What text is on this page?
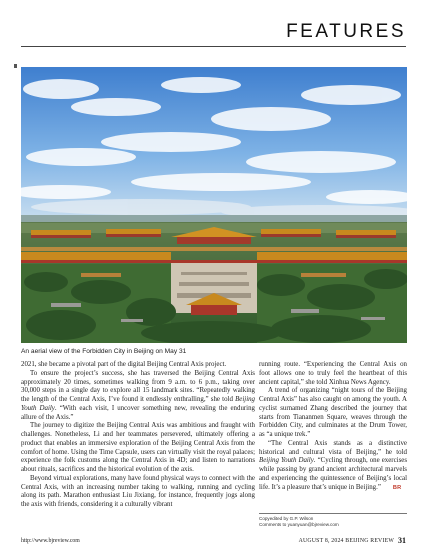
FEATURES
An aerial view of the Forbidden City in Beijing on May 31

2021, she became a pivotal part of the digital Beijing Central Axis project.

To ensure the project’s success, she has traversed the Beijing Central Axis approximately 20 times, sometimes walking from 9 a.m. to 6 p.m., taking over 30,000 steps in a single day to explore all 15 landmark sites. “Repeatedly walking the length of the Central Axis, I’ve found it endlessly enthralling,” she told Beijing Youth Daily. “With each visit, I uncover something new, revealing the enduring allure of the Axis.”

The journey to digitize the Beijing Central Axis was ambitious and fraught with challenges. Nonetheless, Li and her teammates persevered, ultimately offering a product that enables an immersive exploration of the Beijing Central Axis from the comfort of home. Using the Time Capsule, users can virtually visit the royal palaces; experience the folk customs along the Central Axis in 4D; and listen to narrations about rituals, sacrifices and the historical evolution of the axis.

Beyond virtual explorations, many have found physical ways to connect with the Central Axis, with an increasing number taking to walking, running and cycling along its path. Marathon enthusiast Liu Jixiang, for instance, frequently jogs along the axis with friends, considering it a culturally vibrant

running route. “Experiencing the Central Axis on foot allows one to truly feel the heartbeat of this ancient capital,” she told Xinhua News Agency.

A trend of organizing “night tours of the Beijing Central Axis” has also caught on among the youth. A cyclist surnamed Zhang described the journey that starts from Tiananmen Square, weaves through the Forbidden City, and culminates at the Drum Tower, as “a unique trek.”

“The Central Axis stands as a distinctive historical and cultural vista of Beijing,” he told Beijing Youth Daily. “Cycling through, one exercises while passing by grand ancient architectural marvels and experiencing the quintessence of Beijing’s local life. It’s a pleasure that’s unique in Beijing.” BR

Copyedited by G.P. Wilson
Comments to yuanyuan@bjreview.com
http://www.bjreview.com	AUGUST 8, 2024 BEIJING REVIEW 31
